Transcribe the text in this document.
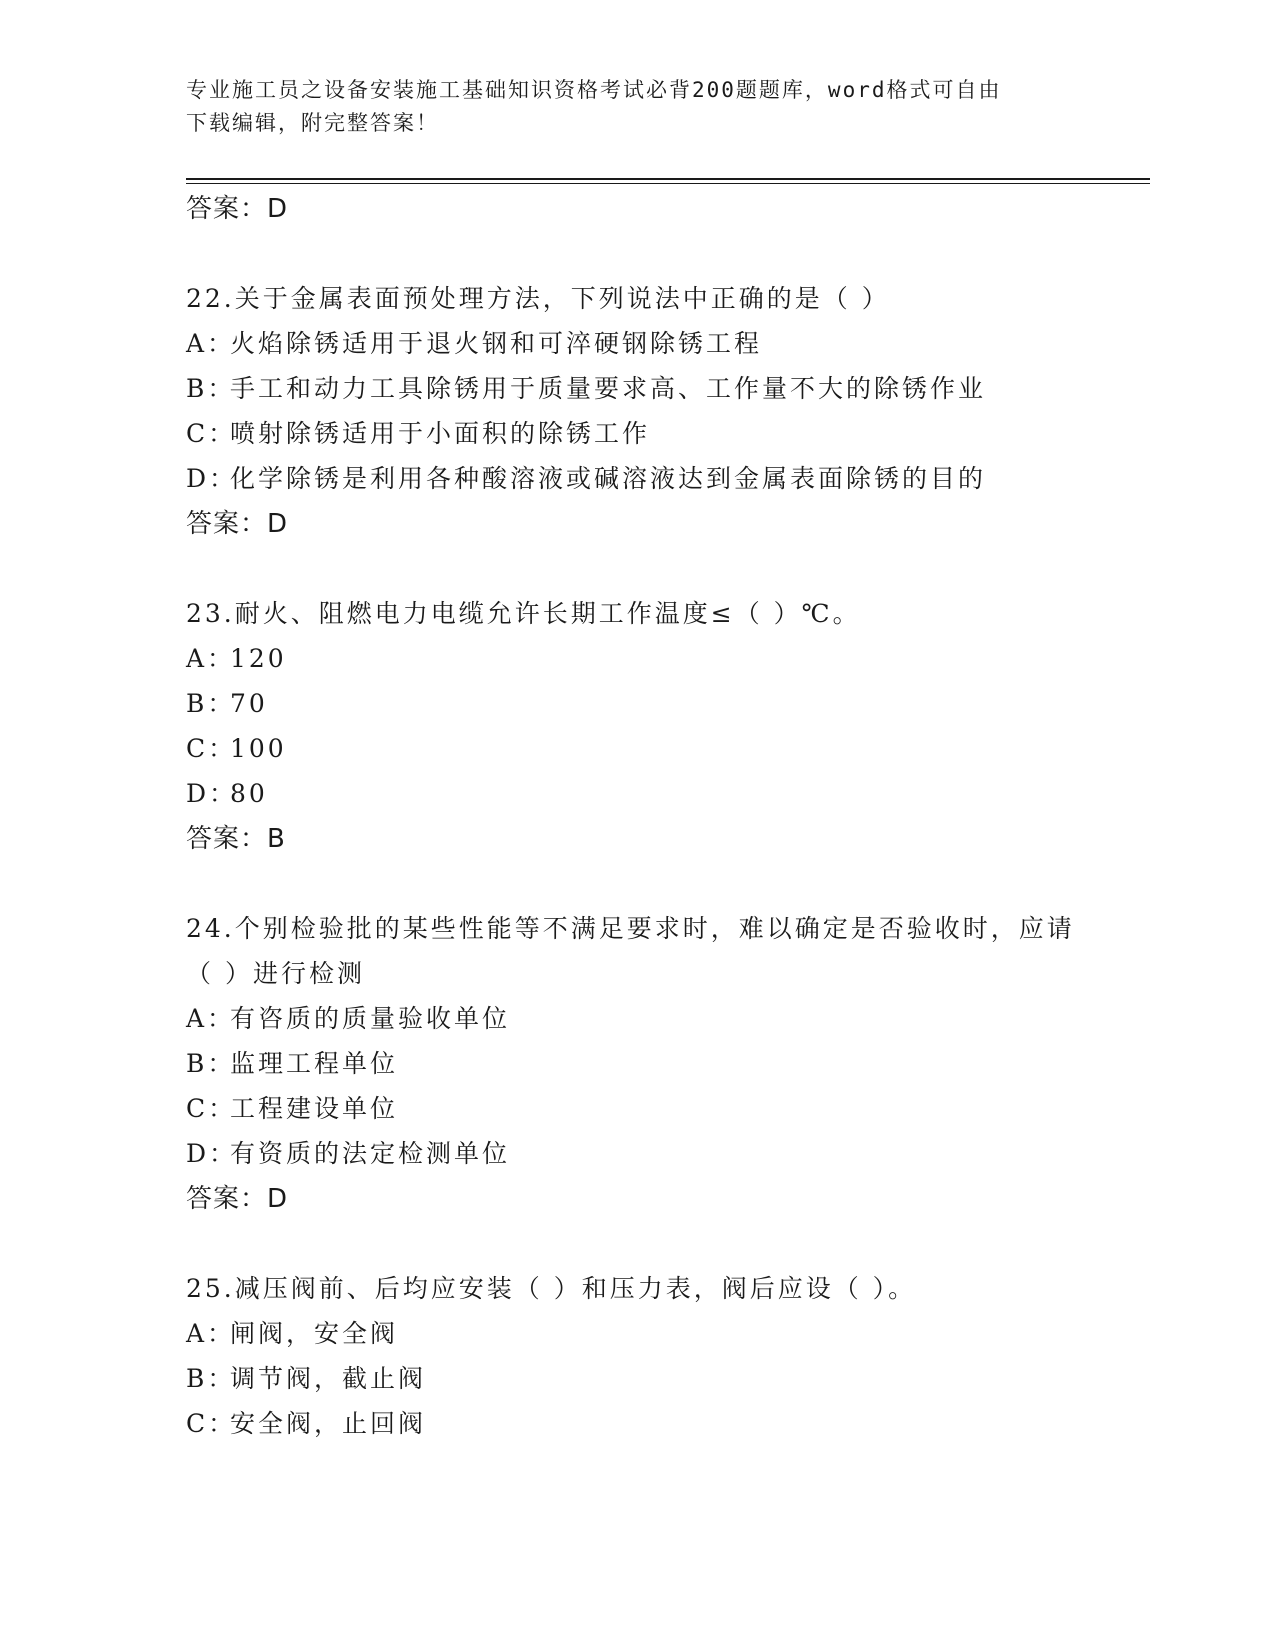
专业施工员之设备安装施工基础知识资格考试必背200题题库，word格式可自由
下载编辑，附完整答案！
答案：D
22.关于金属表面预处理方法，下列说法中正确的是（ ）
A：火焰除锈适用于退火钢和可淬硬钢除锈工程
B：手工和动力工具除锈用于质量要求高、工作量不大的除锈作业
C：喷射除锈适用于小面积的除锈工作
D：化学除锈是利用各种酸溶液或碱溶液达到金属表面除锈的目的
答案：D
23.耐火、阻燃电力电缆允许长期工作温度≤（ ）℃。
A：120
B：70
C：100
D：80
答案：B
24.个别检验批的某些性能等不满足要求时，难以确定是否验收时，应请（ ）进行检测
A：有咨质的质量验收单位
B：监理工程单位
C：工程建设单位
D：有资质的法定检测单位
答案：D
25.减压阀前、后均应安装（ ）和压力表，阀后应设（ ）。
A：闸阀，安全阀
B：调节阀，截止阀
C：安全阀，止回阀
